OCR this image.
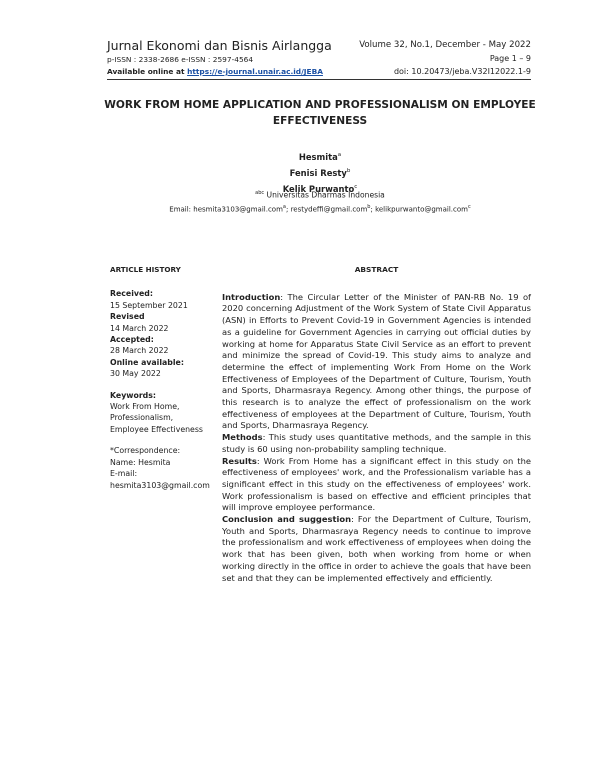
Jurnal Ekonomi dan Bisnis Airlangga	Volume 32, No.1, December - May 2022
p-ISSN : 2338-2686 e-ISSN : 2597-4564	Page 1 – 9
Available online at https://e-journal.unair.ac.id/JEBA	doi: 10.20473/jeba.V32I12022.1-9
WORK FROM HOME APPLICATION AND PROFESSIONALISM ON EMPLOYEE
EFFECTIVENESS
Hesmita$^a$
Fenisi Resty$^b$
Kelik Purwanto$^c$
$^{abc}$ Universitas Dharmas Indonesia
Email: hesmita3103@gmail.com$^a$; restydeffi@gmail.com$^b$; kelikpurwanto@gmail.com$^c$
ARTICLE HISTORY
Received:
15 September 2021
Revised
14 March 2022
Accepted:
28 March 2022
Online available:
30 May 2022
Keywords:
Work From Home,
Professionalism,
Employee Effectiveness
*Correspondence:
Name: Hesmita
E-mail:
hesmita3103@gmail.com
ABSTRACT

Introduction: The Circular Letter of the Minister of PAN-RB No. 19 of 2020 concerning Adjustment of the Work System of State Civil Apparatus (ASN) in Efforts to Prevent Covid-19 in Government Agencies is intended as a guideline for Government Agencies in carrying out official duties by working at home for Apparatus State Civil Service as an effort to prevent and minimize the spread of Covid-19. This study aims to analyze and determine the effect of implementing Work From Home on the Work Effectiveness of Employees of the Department of Culture, Tourism, Youth and Sports, Dharmasraya Regency. Among other things, the purpose of this research is to analyze the effect of professionalism on the work effectiveness of employees at the Department of Culture, Tourism, Youth and Sports, Dharmasraya Regency.

Methods: This study uses quantitative methods, and the sample in this study is 60 using non-probability sampling technique.

Results: Work From Home has a significant effect in this study on the effectiveness of employees' work, and the Professionalism variable has a significant effect in this study on the effectiveness of employees' work. Work professionalism is based on effective and efficient principles that will improve employee performance.

Conclusion and suggestion: For the Department of Culture, Tourism, Youth and Sports, Dharmasraya Regency needs to continue to improve the professionalism and work effectiveness of employees when doing the work that has been given, both when working from home or when working directly in the office in order to achieve the goals that have been set and that they can be implemented effectively and efficiently.
